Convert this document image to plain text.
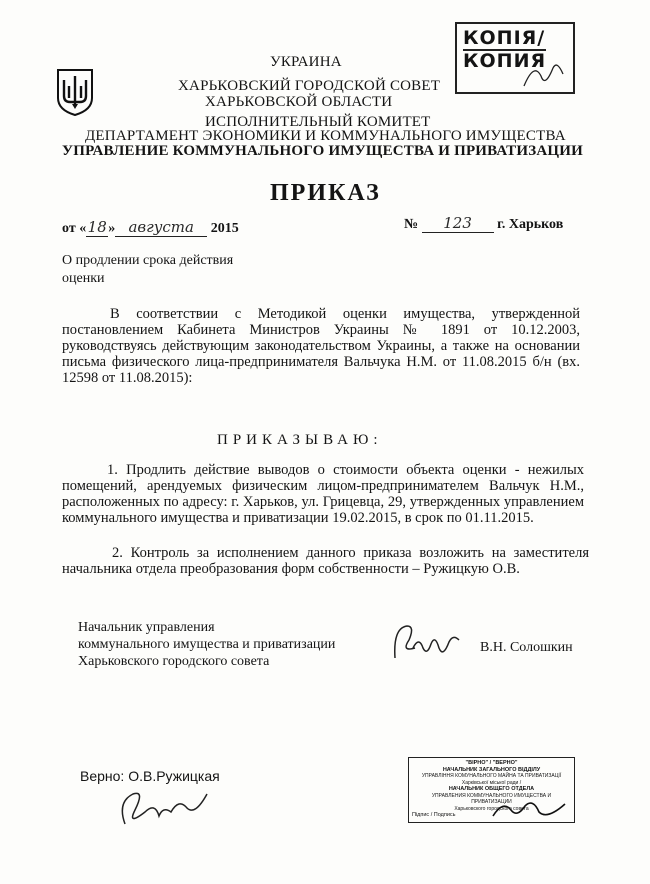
УКРАИНА
ХАРЬКОВСКИЙ ГОРОДСКОЙ СОВЕТ
ХАРЬКОВСКОЙ ОБЛАСТИ
ИСПОЛНИТЕЛЬНЫЙ КОМИТЕТ
ДЕПАРТАМЕНТ ЭКОНОМИКИ И КОММУНАЛЬНОГО ИМУЩЕСТВА
УПРАВЛЕНИЕ КОММУНАЛЬНОГО ИМУЩЕСТВА И ПРИВАТИЗАЦИИ
КОПІЯ/
КОПИЯ
ПРИКАЗ
от «18» августа 2015	№ 123 г. Харьков
О продлении срока действия
оценки
В соответствии с Методикой оценки имущества, утвержденной постановлением Кабинета Министров Украины № 1891 от 10.12.2003, руководствуясь действующим законодательством Украины, а также на основании письма физического лица-предпринимателя Вальчука Н.М. от 11.08.2015 б/н (вх. 12598 от 11.08.2015):
ПРИКАЗЫВАЮ:
1. Продлить действие выводов о стоимости объекта оценки - нежилых помещений, арендуемых физическим лицом-предпринимателем Вальчук Н.М., расположенных по адресу: г. Харьков, ул. Грицевца, 29, утвержденных управлением коммунального имущества и приватизации 19.02.2015, в срок по 01.11.2015.
2. Контроль за исполнением данного приказа возложить на заместителя начальника отдела преобразования форм собственности – Ружицкую О.В.
Начальник управления
коммунального имущества и приватизации
Харьковского городского совета
В.Н. Солошкин
Верно: О.В.Ружицкая
"ВІРНО" / "ВЕРНО"
НАЧАЛЬНИК ЗАГАЛЬНОГО ВІДДІЛУ
УПРАВЛІННЯ КОМУНАЛЬНОГО МАЙНА ТА ПРИВАТИЗАЦІЇ
Харківської міської ради /
НАЧАЛЬНИК ОБЩЕГО ОТДЕЛА
УПРАВЛЕНИЯ КОММУНАЛЬНОГО ИМУЩЕСТВА И ПРИВАТИЗАЦИИ
Харьковского городского совета
Підпис / Подпись
